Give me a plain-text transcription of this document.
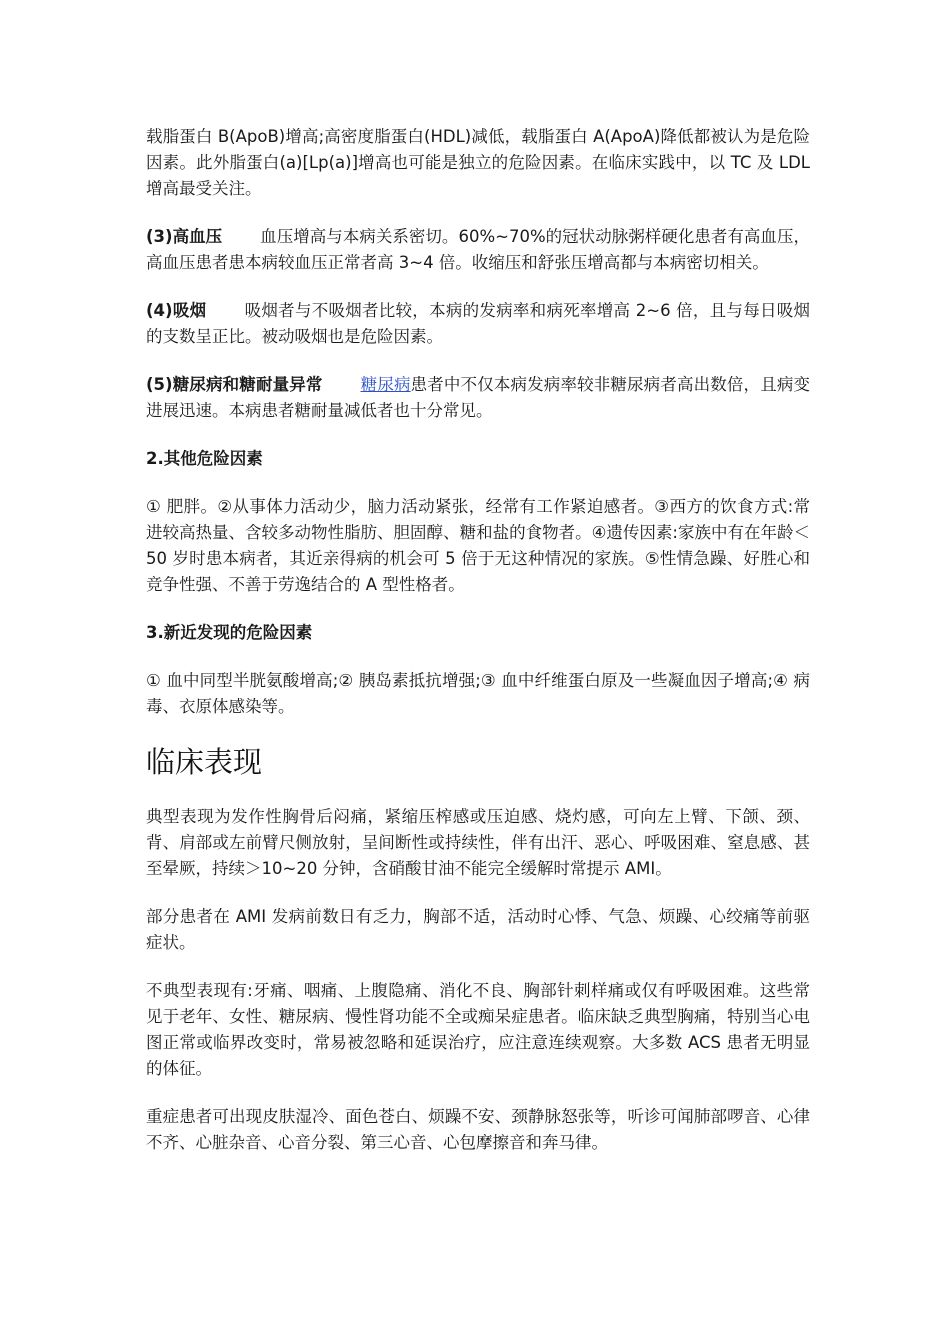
载脂蛋白 B(ApoB)增高;高密度脂蛋白(HDL)减低，载脂蛋白 A(ApoA)降低都被认为是危险因素。此外脂蛋白(a)[Lp(a)]增高也可能是独立的危险因素。在临床实践中，以 TC 及 LDL 增高最受关注。

(3)高血压 血压增高与本病关系密切。60%~70%的冠状动脉粥样硬化患者有高血压，高血压患者患本病较血压正常者高 3~4 倍。收缩压和舒张压增高都与本病密切相关。

(4)吸烟 吸烟者与不吸烟者比较，本病的发病率和病死率增高 2~6 倍，且与每日吸烟的支数呈正比。被动吸烟也是危险因素。

(5)糖尿病和糖耐量异常 糖尿病患者中不仅本病发病率较非糖尿病者高出数倍，且病变进展迅速。本病患者糖耐量减低者也十分常见。

2.其他危险因素

① 肥胖。②从事体力活动少，脑力活动紧张，经常有工作紧迫感者。③西方的饮食方式:常进较高热量、含较多动物性脂肪、胆固醇、糖和盐的食物者。④遗传因素:家族中有在年龄＜50 岁时患本病者，其近亲得病的机会可 5 倍于无这种情况的家族。⑤性情急躁、好胜心和竞争性强、不善于劳逸结合的 A 型性格者。

3.新近发现的危险因素

① 血中同型半胱氨酸增高;② 胰岛素抵抗增强;③ 血中纤维蛋白原及一些凝血因子增高;④ 病毒、衣原体感染等。

临床表现

典型表现为发作性胸骨后闷痛，紧缩压榨感或压迫感、烧灼感，可向左上臂、下颌、颈、背、肩部或左前臂尺侧放射，呈间断性或持续性，伴有出汗、恶心、呼吸困难、窒息感、甚至晕厥，持续＞10~20 分钟，含硝酸甘油不能完全缓解时常提示 AMI。

部分患者在 AMI 发病前数日有乏力，胸部不适，活动时心悸、气急、烦躁、心绞痛等前驱症状。

不典型表现有:牙痛、咽痛、上腹隐痛、消化不良、胸部针刺样痛或仅有呼吸困难。这些常见于老年、女性、糖尿病、慢性肾功能不全或痴呆症患者。临床缺乏典型胸痛，特别当心电图正常或临界改变时，常易被忽略和延误治疗，应注意连续观察。大多数 ACS 患者无明显的体征。

重症患者可出现皮肤湿冷、面色苍白、烦躁不安、颈静脉怒张等，听诊可闻肺部啰音、心律不齐、心脏杂音、心音分裂、第三心音、心包摩擦音和奔马律。
